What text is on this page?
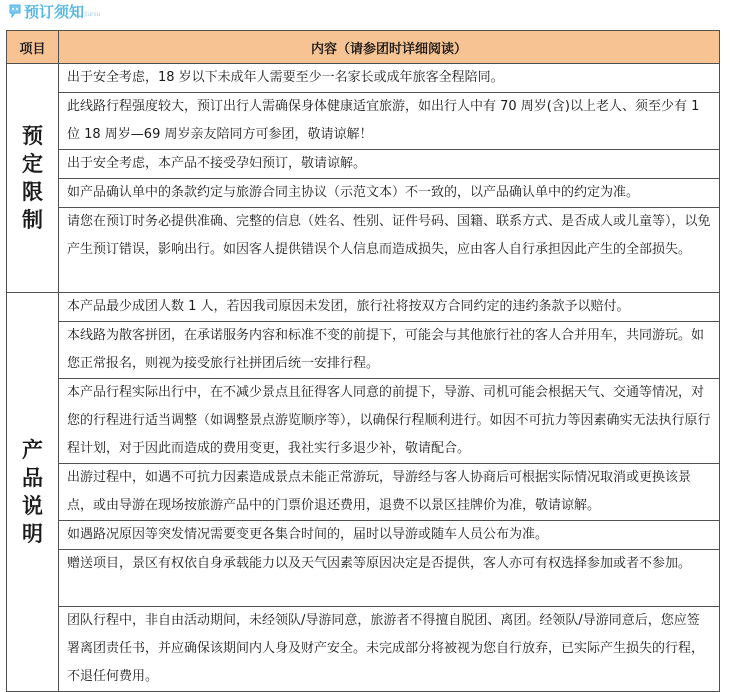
预订须知 tuniu
项目	内容（请参团时详细阅读）

预
定
限
制	出于安全考虑，18 岁以下未成年人需要至少一名家长或成年旅客全程陪同。
	此线路行程强度较大，预订出行人需确保身体健康适宜旅游，如出行人中有 70 周岁(含)以上老人、须至少有 1 位 18 周岁—69 周岁亲友陪同方可参团，敬请谅解！
	出于安全考虑，本产品不接受孕妇预订，敬请谅解。
	如产品确认单中的条款约定与旅游合同主协议（示范文本）不一致的，以产品确认单中的约定为准。
	请您在预订时务必提供准确、完整的信息（姓名、性别、证件号码、国籍、联系方式、是否成人或儿童等），以免产生预订错误，影响出行。如因客人提供错误个人信息而造成损失，应由客人自行承担因此产生的全部损失。

产
品
说
明	本产品最少成团人数 1 人，若因我司原因未发团，旅行社将按双方合同约定的违约条款予以赔付。
	本线路为散客拼团，在承诺服务内容和标准不变的前提下，可能会与其他旅行社的客人合并用车，共同游玩。如您正常报名，则视为接受旅行社拼团后统一安排行程。
	本产品行程实际出行中，在不减少景点且征得客人同意的前提下，导游、司机可能会根据天气、交通等情况，对您的行程进行适当调整（如调整景点游览顺序等），以确保行程顺利进行。如因不可抗力等因素确实无法执行原行程计划，对于因此而造成的费用变更，我社实行多退少补，敬请配合。
	出游过程中，如遇不可抗力因素造成景点未能正常游玩，导游经与客人协商后可根据实际情况取消或更换该景点，或由导游在现场按旅游产品中的门票价退还费用，退费不以景区挂牌价为准，敬请谅解。
	如遇路况原因等突发情况需要变更各集合时间的，届时以导游或随车人员公布为准。
	赠送项目，景区有权依自身承载能力以及天气因素等原因决定是否提供，客人亦可有权选择参加或者不参加。
	团队行程中，非自由活动期间，未经领队/导游同意，旅游者不得擅自脱团、离团。经领队/导游同意后，您应签署离团责任书，并应确保该期间内人身及财产安全。未完成部分将被视为您自行放弃，已实际产生损失的行程，不退任何费用。
